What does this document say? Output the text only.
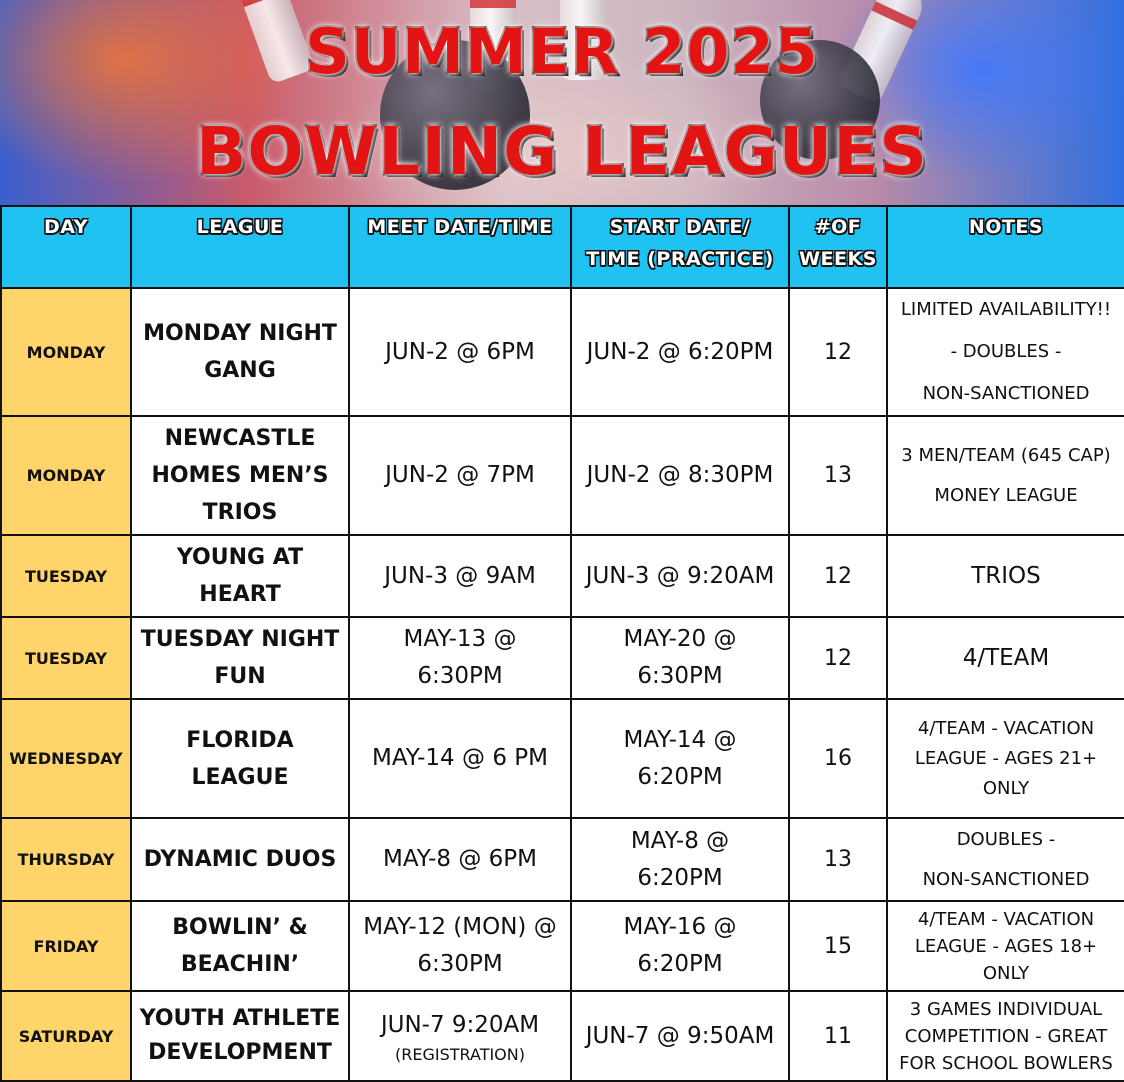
SUMMER 2025
BOWLING LEAGUES
DAY	LEAGUE	MEET DATE/TIME	START DATE/
TIME (PRACTICE)	#OF
WEEKS	NOTES
MONDAY	MONDAY NIGHT
GANG	JUN-2 @ 6PM	JUN-2 @ 6:20PM	12	LIMITED AVAILABILITY!!
- DOUBLES -
NON-SANCTIONED

MONDAY	NEWCASTLE
HOMES MEN’S
TRIOS	JUN-2 @ 7PM	JUN-2 @ 8:30PM	13	3 MEN/TEAM (645 CAP)
MONEY LEAGUE

TUESDAY	YOUNG AT
HEART	JUN-3 @ 9AM	JUN-3 @ 9:20AM	12	TRIOS

TUESDAY	TUESDAY NIGHT
FUN	MAY-13 @
6:30PM	MAY-20 @
6:30PM	12	4/TEAM

WEDNESDAY	FLORIDA
LEAGUE	MAY-14 @ 6 PM	MAY-14 @
6:20PM	16	4/TEAM - VACATION
LEAGUE - AGES 21+
ONLY

THURSDAY	DYNAMIC DUOS	MAY-8 @ 6PM	MAY-8 @
6:20PM	13	DOUBLES -
NON-SANCTIONED

FRIDAY	BOWLIN’ &
BEACHIN’	MAY-12 (MON) @
6:30PM	MAY-16 @
6:20PM	15	4/TEAM - VACATION
LEAGUE - AGES 18+ ONLY

SATURDAY	YOUTH ATHLETE
DEVELOPMENT	JUN-7 9:20AM
(REGISTRATION)	JUN-7 @ 9:50AM	11	3 GAMES INDIVIDUAL
COMPETITION - GREAT
FOR SCHOOL BOWLERS
